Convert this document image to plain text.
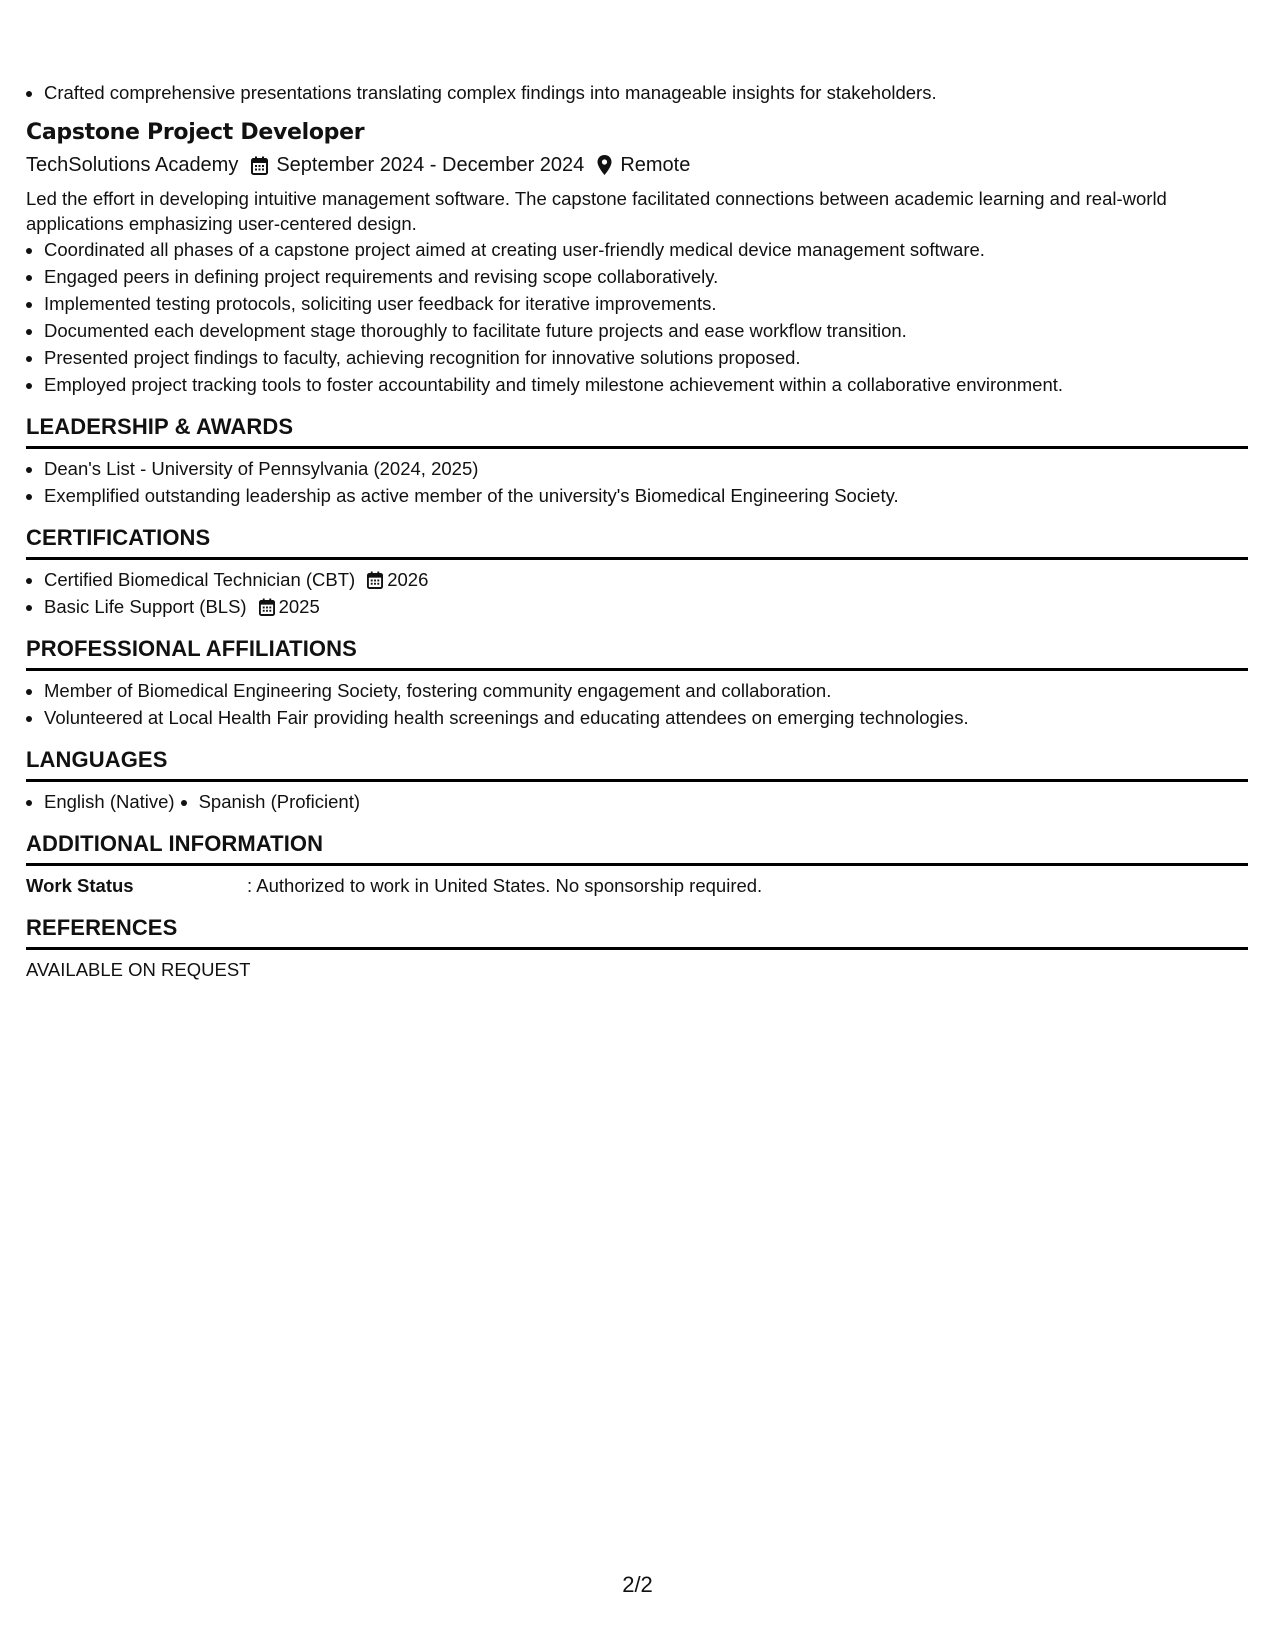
• Crafted comprehensive presentations translating complex findings into manageable insights for stakeholders.
Capstone Project Developer
TechSolutions Academy September 2024 - December 2024 Remote
Led the effort in developing intuitive management software. The capstone facilitated connections between academic learning and real-world applications emphasizing user-centered design.
• Coordinated all phases of a capstone project aimed at creating user-friendly medical device management software.
• Engaged peers in defining project requirements and revising scope collaboratively.
• Implemented testing protocols, soliciting user feedback for iterative improvements.
• Documented each development stage thoroughly to facilitate future projects and ease workflow transition.
• Presented project findings to faculty, achieving recognition for innovative solutions proposed.
• Employed project tracking tools to foster accountability and timely milestone achievement within a collaborative environment.
LEADERSHIP & AWARDS
• Dean's List - University of Pennsylvania (2024, 2025)
• Exemplified outstanding leadership as active member of the university's Biomedical Engineering Society.
CERTIFICATIONS
• Certified Biomedical Technician (CBT) 2026
• Basic Life Support (BLS) 2025
PROFESSIONAL AFFILIATIONS
• Member of Biomedical Engineering Society, fostering community engagement and collaboration.
• Volunteered at Local Health Fair providing health screenings and educating attendees on emerging technologies.
LANGUAGES
• English (Native)
• Spanish (Proficient)
ADDITIONAL INFORMATION
Work Status	: Authorized to work in United States. No sponsorship required.
REFERENCES
AVAILABLE ON REQUEST
2/2
